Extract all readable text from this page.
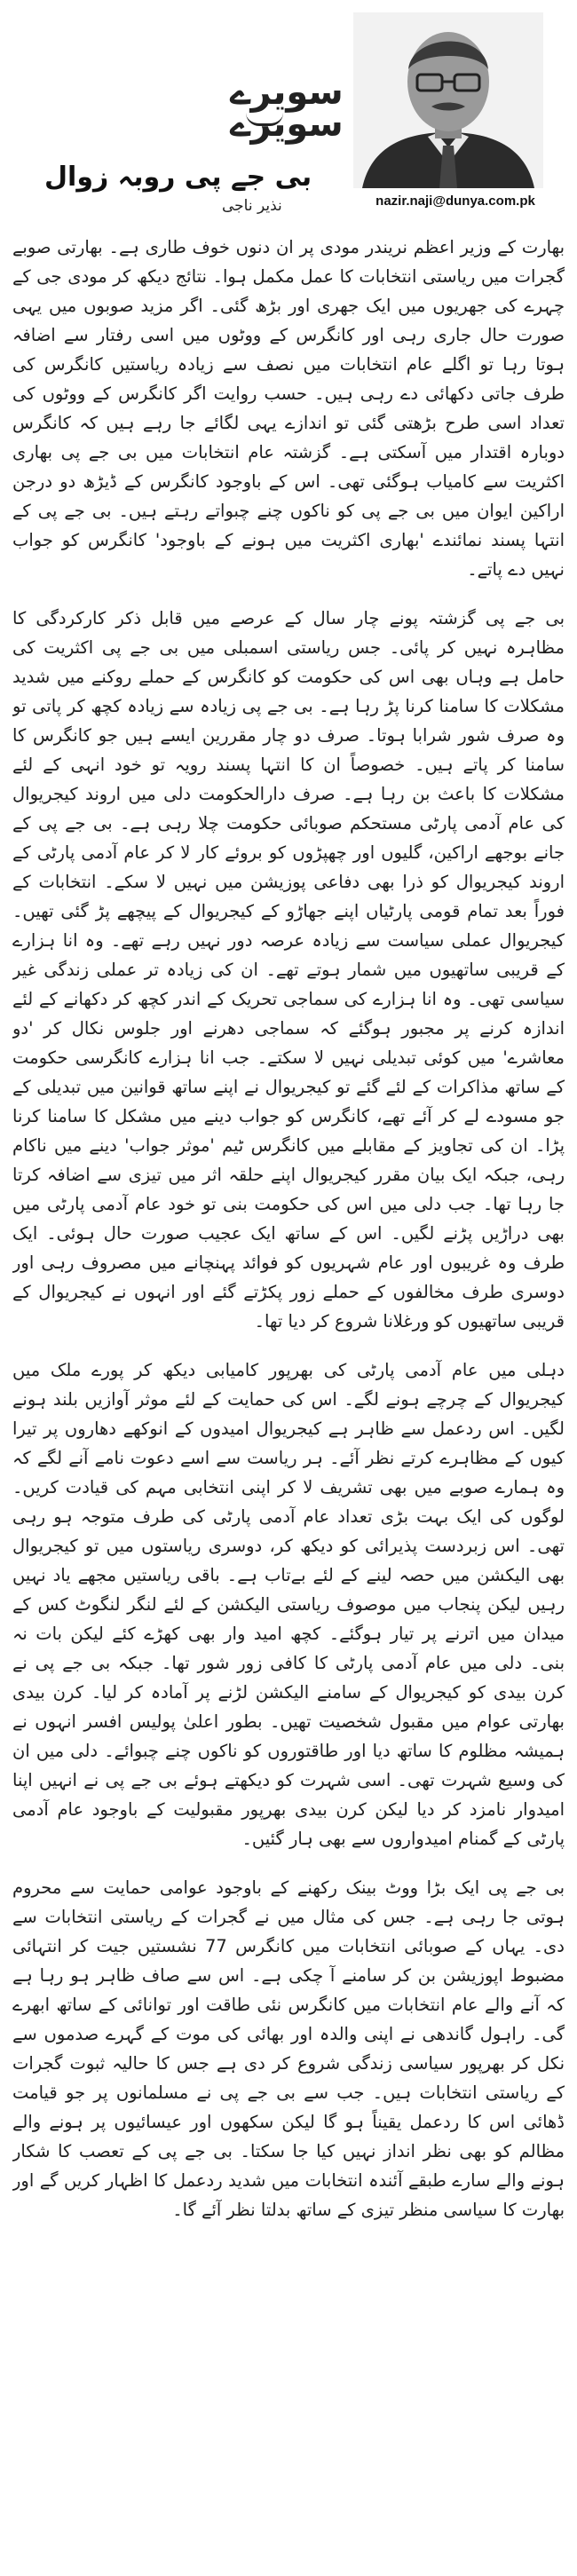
سویرے
سویرے
nazir.naji@dunya.com.pk
بی جے پی روبہ زوال
نذیر ناجی

بھارت کے وزیر اعظم نریندر مودی پر ان دنوں خوف طاری ہے۔ بھارتی صوبے گجرات میں ریاستی انتخابات کا عمل مکمل ہوا۔ نتائج دیکھ کر مودی جی کے چہرے کی جھریوں میں ایک جھری اور بڑھ گئی۔ اگر مزید صوبوں میں یہی صورت حال جاری رہی اور کانگرس کے ووٹوں میں اسی رفتار سے اضافہ ہوتا رہا تو اگلے عام انتخابات میں نصف سے زیادہ ریاستیں کانگرس کی طرف جاتی دکھائی دے رہی ہیں۔ حسب روایت اگر کانگرس کے ووٹوں کی تعداد اسی طرح بڑھتی گئی تو اندازے یہی لگائے جا رہے ہیں کہ کانگرس دوبارہ اقتدار میں آسکتی ہے۔ گزشتہ عام انتخابات میں بی جے پی بھاری اکثریت سے کامیاب ہوگئی تھی۔ اس کے باوجود کانگرس کے ڈیڑھ دو درجن اراکین ایوان میں بی جے پی کو ناکوں چنے چبواتے رہتے ہیں۔ بی جے پی کے انتہا پسند نمائندے 'بھاری اکثریت میں ہونے کے باوجود' کانگرس کو جواب نہیں دے پاتے۔

بی جے پی گزشتہ پونے چار سال کے عرصے میں قابل ذکر کارکردگی کا مظاہرہ نہیں کر پائی۔ جس ریاستی اسمبلی میں بی جے پی اکثریت کی حامل ہے وہاں بھی اس کی حکومت کو کانگرس کے حملے روکنے میں شدید مشکلات کا سامنا کرنا پڑ رہا ہے۔ بی جے پی زیادہ سے زیادہ کچھ کر پاتی تو وہ صرف شور شرابا ہوتا۔ صرف دو چار مقررین ایسے ہیں جو کانگرس کا سامنا کر پاتے ہیں۔ خصوصاً ان کا انتہا پسند رویہ تو خود انہی کے لئے مشکلات کا باعث بن رہا ہے۔ صرف دارالحکومت دلی میں اروند کیجریوال کی عام آدمی پارٹی مستحکم صوبائی حکومت چلا رہی ہے۔ بی جے پی کے جانے بوجھے اراکین، گلیوں اور چھپڑوں کو بروئے کار لا کر عام آدمی پارٹی کے اروند کیجریوال کو ذرا بھی دفاعی پوزیشن میں نہیں لا سکے۔ انتخابات کے فوراً بعد تمام قومی پارٹیاں اپنے جھاڑو کے کیجریوال کے پیچھے پڑ گئی تھیں۔ کیجریوال عملی سیاست سے زیادہ عرصہ دور نہیں رہے تھے۔ وہ انا ہزارے کے قریبی ساتھیوں میں شمار ہوتے تھے۔ ان کی زیادہ تر عملی زندگی غیر سیاسی تھی۔ وہ انا ہزارے کی سماجی تحریک کے اندر کچھ کر دکھانے کے لئے اندازہ کرنے پر مجبور ہوگئے کہ سماجی دھرنے اور جلوس نکال کر 'دو معاشرے' میں کوئی تبدیلی نہیں لا سکتے۔ جب انا ہزارے کانگرسی حکومت کے ساتھ مذاکرات کے لئے گئے تو کیجریوال نے اپنے ساتھ قوانین میں تبدیلی کے جو مسودے لے کر آئے تھے، کانگرس کو جواب دینے میں مشکل کا سامنا کرنا پڑا۔ ان کی تجاویز کے مقابلے میں کانگرس ٹیم 'موثر جواب' دینے میں ناکام رہی، جبکہ ایک بیان مقرر کیجریوال اپنے حلقہ اثر میں تیزی سے اضافہ کرتا جا رہا تھا۔ جب دلی میں اس کی حکومت بنی تو خود عام آدمی پارٹی میں بھی دراڑیں پڑنے لگیں۔ اس کے ساتھ ایک عجیب صورت حال ہوئی۔ ایک طرف وہ غریبوں اور عام شہریوں کو فوائد پہنچانے میں مصروف رہی اور دوسری طرف مخالفوں کے حملے زور پکڑتے گئے اور انہوں نے کیجریوال کے قریبی ساتھیوں کو ورغلانا شروع کر دیا تھا۔

دہلی میں عام آدمی پارٹی کی بھرپور کامیابی دیکھ کر پورے ملک میں کیجریوال کے چرچے ہونے لگے۔ اس کی حمایت کے لئے موثر آوازیں بلند ہونے لگیں۔ اس ردعمل سے ظاہر ہے کیجریوال امیدوں کے انوکھے دھاروں پر تیرا کیوں کے مظاہرے کرتے نظر آئے۔ ہر ریاست سے اسے دعوت نامے آنے لگے کہ وہ ہمارے صوبے میں بھی تشریف لا کر اپنی انتخابی مہم کی قیادت کریں۔ لوگوں کی ایک بہت بڑی تعداد عام آدمی پارٹی کی طرف متوجہ ہو رہی تھی۔ اس زبردست پذیرائی کو دیکھ کر، دوسری ریاستوں میں تو کیجریوال بھی الیکشن میں حصہ لینے کے لئے بےتاب ہے۔ باقی ریاستیں مجھے یاد نہیں رہیں لیکن پنجاب میں موصوف ریاستی الیکشن کے لئے لنگر لنگوٹ کس کے میدان میں اترنے پر تیار ہوگئے۔ کچھ امید وار بھی کھڑے کئے لیکن بات نہ بنی۔ دلی میں عام آدمی پارٹی کا کافی زور شور تھا۔ جبکہ بی جے پی نے کرن بیدی کو کیجریوال کے سامنے الیکشن لڑنے پر آمادہ کر لیا۔ کرن بیدی بھارتی عوام میں مقبول شخصیت تھیں۔ بطور اعلیٰ پولیس افسر انہوں نے ہمیشہ مظلوم کا ساتھ دیا اور طاقتوروں کو ناکوں چنے چبوائے۔ دلی میں ان کی وسیع شہرت تھی۔ اسی شہرت کو دیکھتے ہوئے بی جے پی نے انہیں اپنا امیدوار نامزد کر دیا لیکن کرن بیدی بھرپور مقبولیت کے باوجود عام آدمی پارٹی کے گمنام امیدواروں سے بھی ہار گئیں۔

بی جے پی ایک بڑا ووٹ بینک رکھنے کے باوجود عوامی حمایت سے محروم ہوتی جا رہی ہے۔ جس کی مثال میں نے گجرات کے ریاستی انتخابات سے دی۔ یہاں کے صوبائی انتخابات میں کانگرس 77 نشستیں جیت کر انتہائی مضبوط اپوزیشن بن کر سامنے آ چکی ہے۔ اس سے صاف ظاہر ہو رہا ہے کہ آنے والے عام انتخابات میں کانگرس نئی طاقت اور توانائی کے ساتھ ابھرے گی۔ راہول گاندھی نے اپنی والدہ اور بھائی کی موت کے گہرے صدموں سے نکل کر بھرپور سیاسی زندگی شروع کر دی ہے جس کا حالیہ ثبوت گجرات کے ریاستی انتخابات ہیں۔ جب سے بی جے پی نے مسلمانوں پر جو قیامت ڈھائی اس کا ردعمل یقیناً ہو گا لیکن سکھوں اور عیسائیوں پر ہونے والے مظالم کو بھی نظر انداز نہیں کیا جا سکتا۔ بی جے پی کے تعصب کا شکار ہونے والے سارے طبقے آئندہ انتخابات میں شدید ردعمل کا اظہار کریں گے اور بھارت کا سیاسی منظر تیزی کے ساتھ بدلتا نظر آئے گا۔
